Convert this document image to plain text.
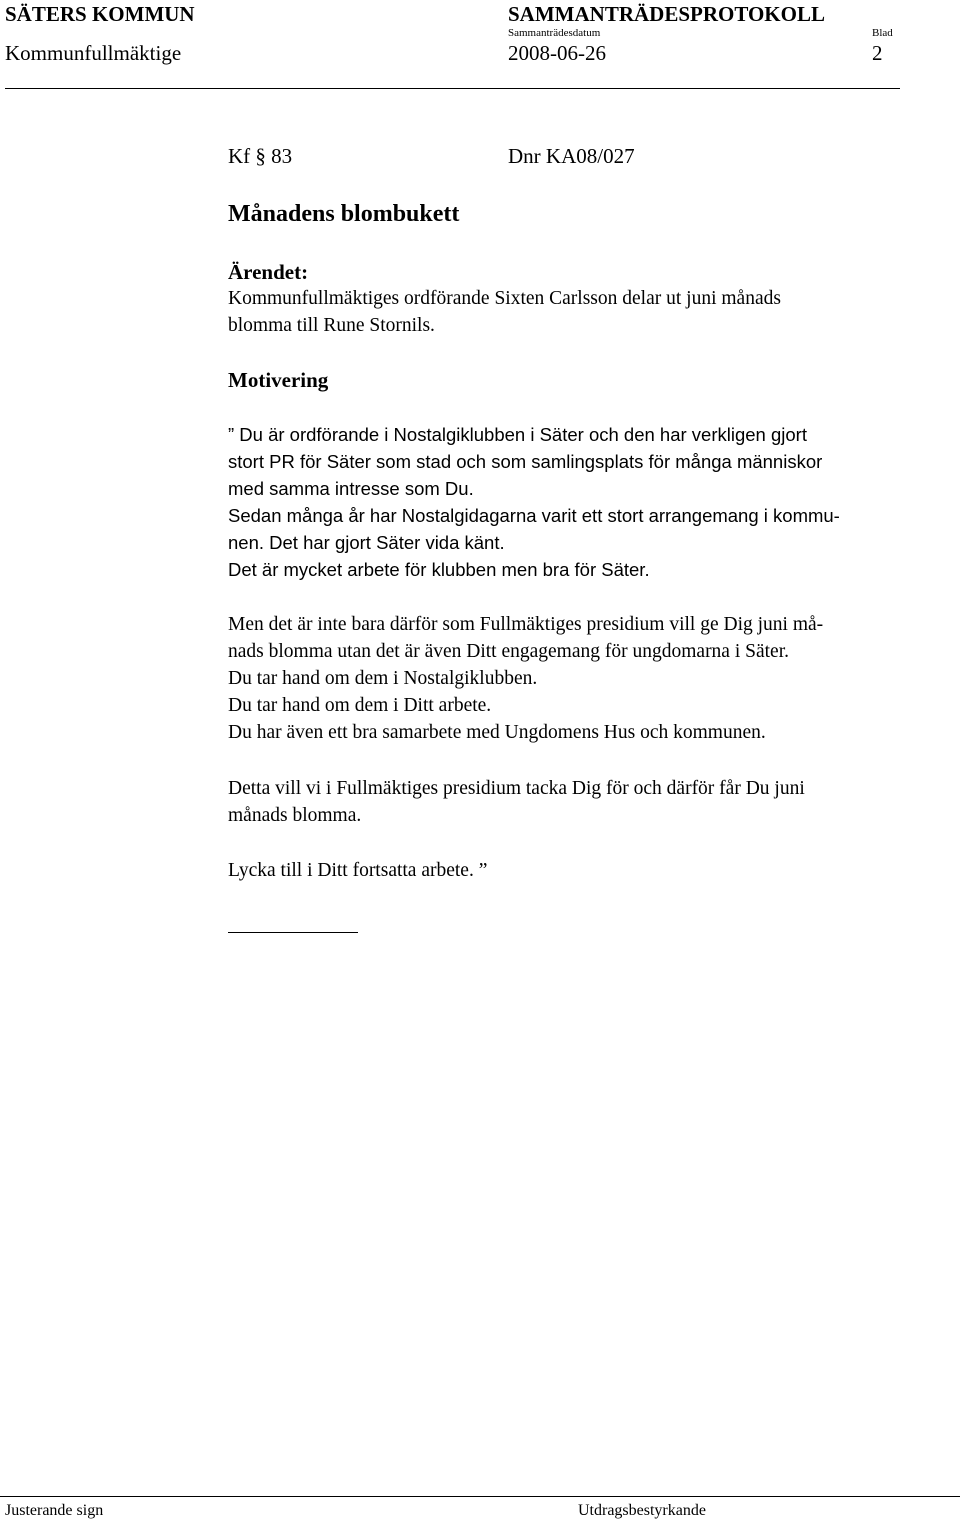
SÄTERS KOMMUN	SAMMANTRÄDESPROTOKOLL
Sammanträdesdatum	Blad
Kommunfullmäktige	2008-06-26	2
Kf § 83	Dnr KA08/027
Månadens blombukett
Ärendet:
Kommunfullmäktiges ordförande Sixten Carlsson delar ut juni månads
blomma till Rune Stornils.
Motivering
” Du är ordförande i Nostalgiklubben i Säter och den har verkligen gjort
stort PR för Säter som stad och som samlingsplats för många människor
med samma intresse som Du.
Sedan många år har Nostalgidagarna varit ett stort arrangemang i kommu-
nen. Det har gjort Säter vida känt.
Det är mycket arbete för klubben men bra för Säter.
Men det är inte bara därför som Fullmäktiges presidium vill ge Dig juni må-
nads blomma utan det är även Ditt engagemang för ungdomarna i Säter.
Du tar hand om dem i Nostalgiklubben.
Du tar hand om dem i Ditt arbete.
Du har även ett bra samarbete med Ungdomens Hus och kommunen.
Detta vill vi i Fullmäktiges presidium tacka Dig för och därför får Du juni
månads blomma.
Lycka till i Ditt fortsatta arbete. ”
Justerande sign	Utdragsbestyrkande
